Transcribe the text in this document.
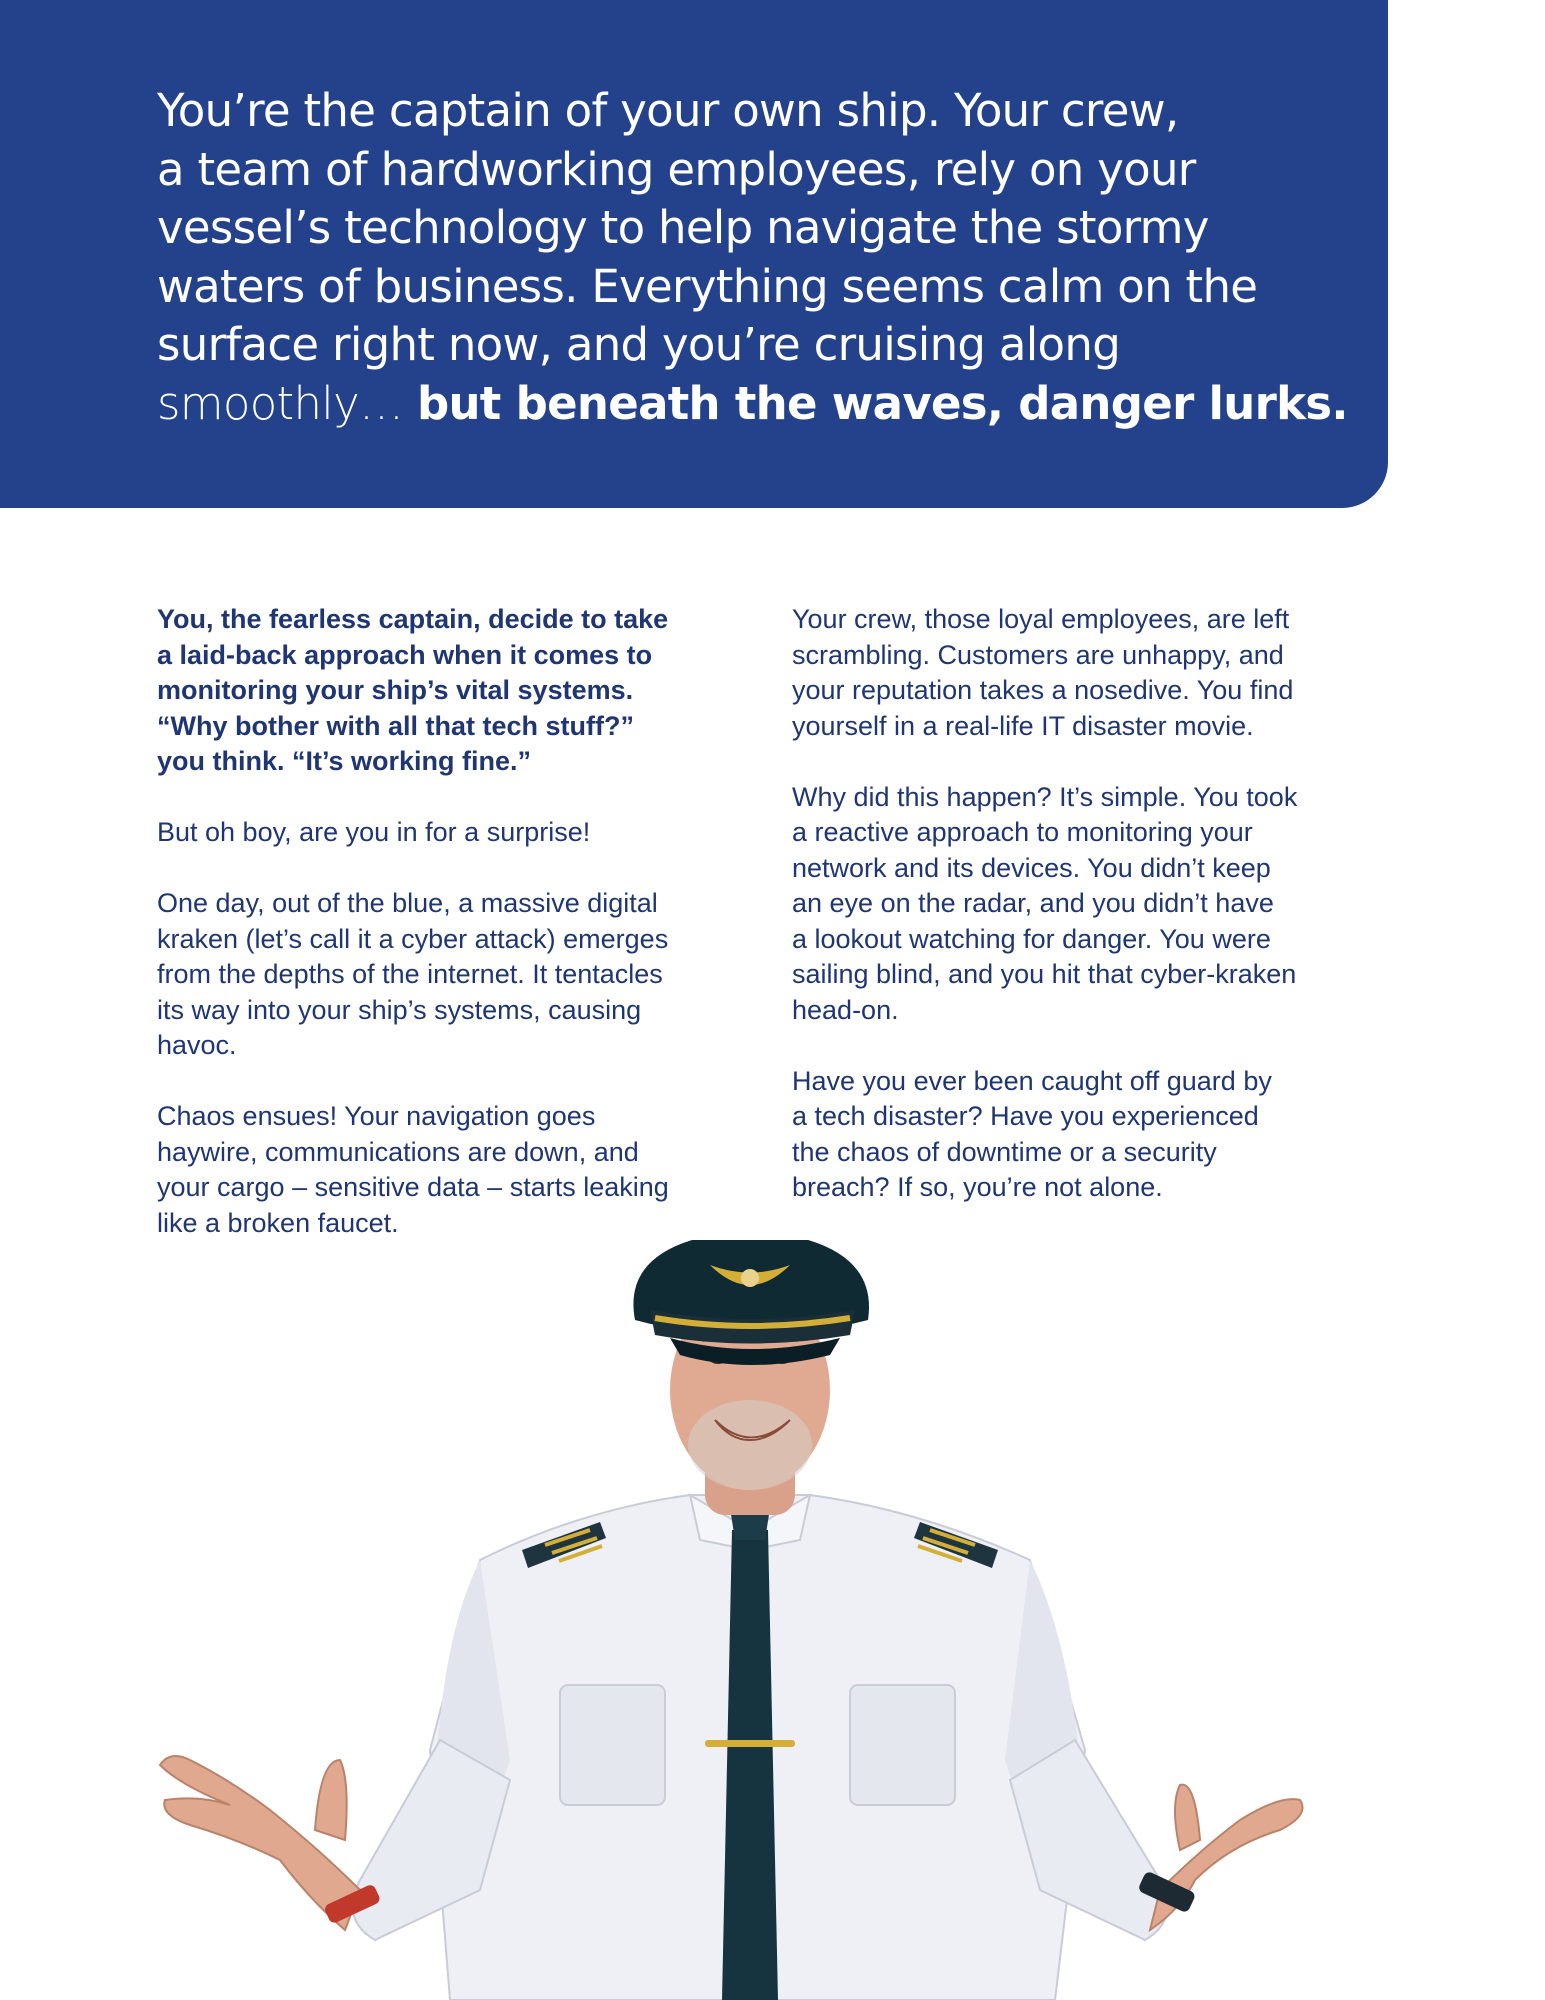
You’re the captain of your own ship. Your crew,
a team of hardworking employees, rely on your
vessel’s technology to help navigate the stormy
waters of business. Everything seems calm on the
surface right now, and you’re cruising along
smoothly… but beneath the waves, danger lurks.

You, the fearless captain, decide to take
a laid-back approach when it comes to
monitoring your ship’s vital systems.
“Why bother with all that tech stuff?”
you think. “It’s working fine.”

But oh boy, are you in for a surprise!

One day, out of the blue, a massive digital
kraken (let’s call it a cyber attack) emerges
from the depths of the internet. It tentacles
its way into your ship’s systems, causing
havoc.

Chaos ensues! Your navigation goes
haywire, communications are down, and
your cargo – sensitive data – starts leaking
like a broken faucet.

Your crew, those loyal employees, are left
scrambling. Customers are unhappy, and
your reputation takes a nosedive. You find
yourself in a real-life IT disaster movie.

Why did this happen? It’s simple. You took
a reactive approach to monitoring your
network and its devices. You didn’t keep
an eye on the radar, and you didn’t have
a lookout watching for danger. You were
sailing blind, and you hit that cyber-kraken
head-on.

Have you ever been caught off guard by
a tech disaster? Have you experienced
the chaos of downtime or a security
breach? If so, you’re not alone.
